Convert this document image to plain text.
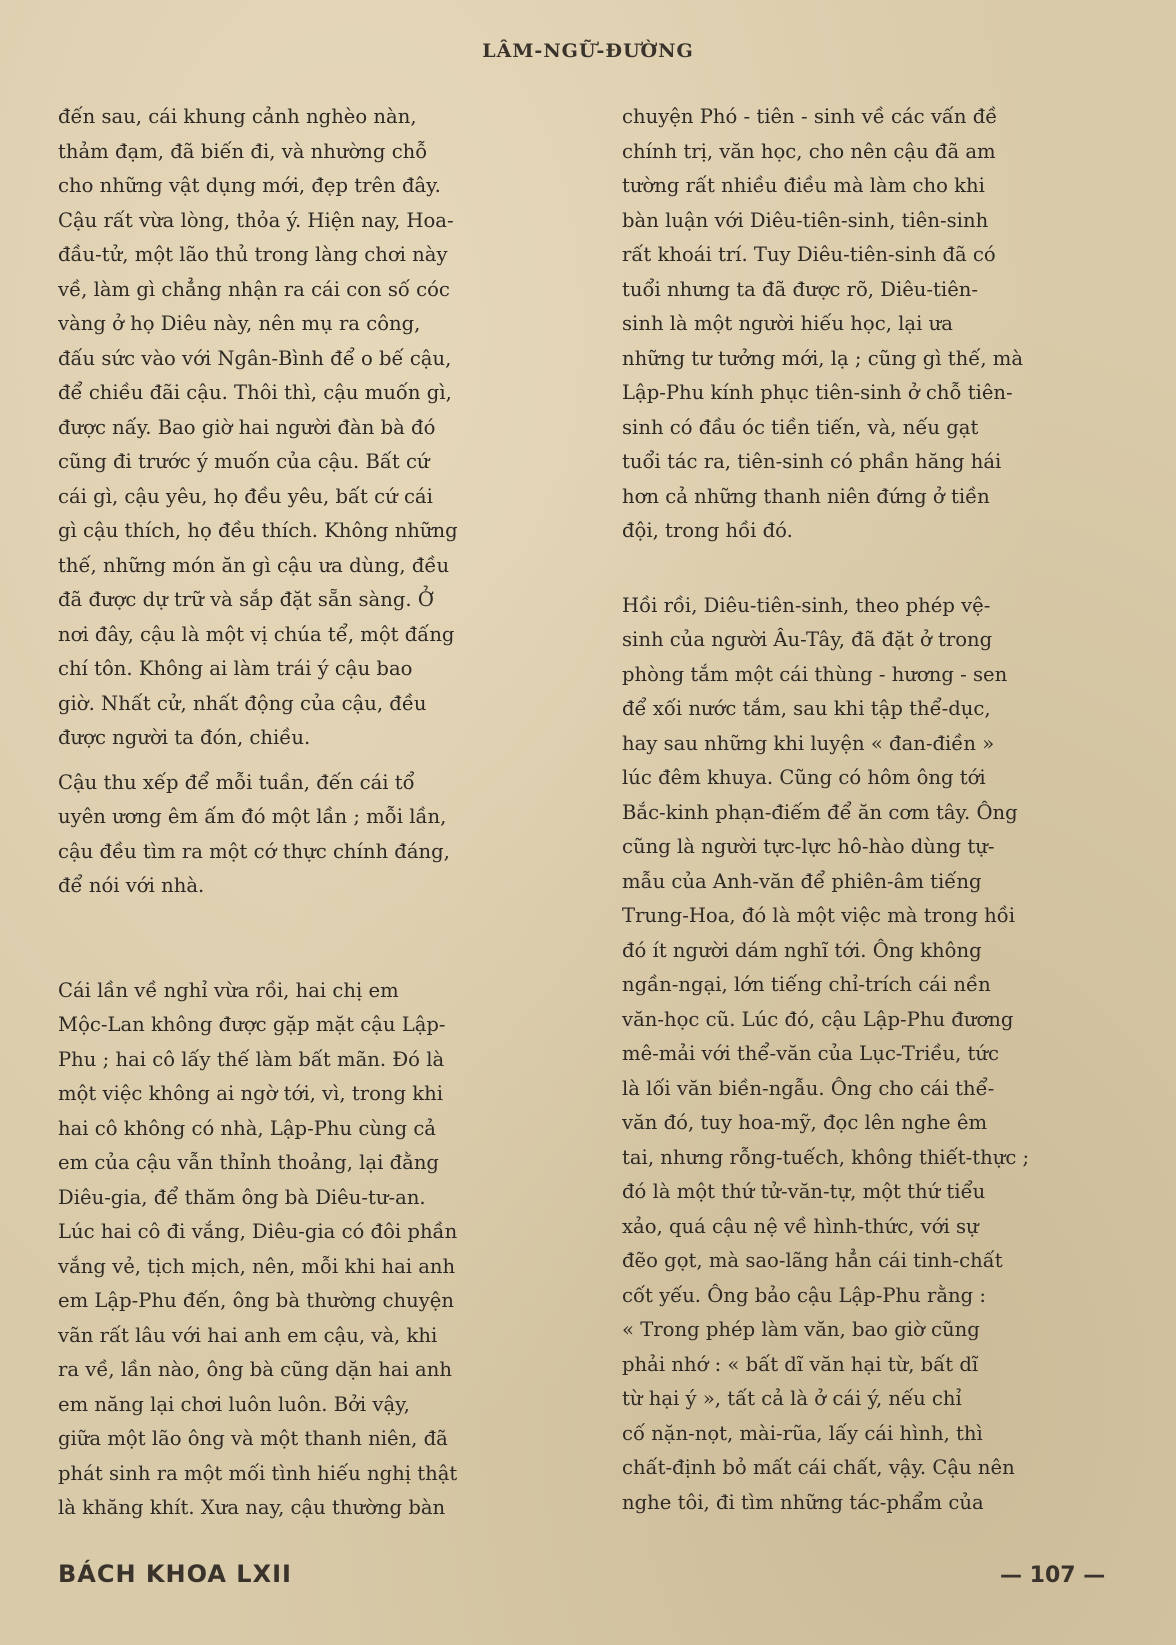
LÂM-NGỮ-ĐƯỜNG
đến sau, cái khung cảnh nghèo nàn,
thảm đạm, đã biến đi, và nhường chỗ
cho những vật dụng mới, đẹp trên đây.
Cậu rất vừa lòng, thỏa ý. Hiện nay, Hoa-
đầu-tử, một lão thủ trong làng chơi này
về, làm gì chẳng nhận ra cái con số cóc
vàng ở họ Diêu này, nên mụ ra công,
đấu sức vào với Ngân-Bình để o bế cậu,
để chiều đãi cậu. Thôi thì, cậu muốn gì,
được nấy. Bao giờ hai người đàn bà đó
cũng đi trước ý muốn của cậu. Bất cứ
cái gì, cậu yêu, họ đều yêu, bất cứ cái
gì cậu thích, họ đều thích. Không những
thế, những món ăn gì cậu ưa dùng, đều
đã được dự trữ và sắp đặt sẵn sàng. Ở
nơi đây, cậu là một vị chúa tể, một đấng
chí tôn. Không ai làm trái ý cậu bao
giờ. Nhất cử, nhất động của cậu, đều
được người ta đón, chiều.
Cậu thu xếp để mỗi tuần, đến cái tổ
uyên ương êm ấm đó một lần ; mỗi lần,
cậu đều tìm ra một cớ thực chính đáng,
để nói với nhà.
Cái lần về nghỉ vừa rồi, hai chị em
Mộc-Lan không được gặp mặt cậu Lập-
Phu ; hai cô lấy thế làm bất mãn. Đó là
một việc không ai ngờ tới, vì, trong khi
hai cô không có nhà, Lập-Phu cùng cả
em của cậu vẫn thỉnh thoảng, lại đằng
Diêu-gia, để thăm ông bà Diêu-tư-an.
Lúc hai cô đi vắng, Diêu-gia có đôi phần
vắng vẻ, tịch mịch, nên, mỗi khi hai anh
em Lập-Phu đến, ông bà thường chuyện
vãn rất lâu với hai anh em cậu, và, khi
ra về, lần nào, ông bà cũng dặn hai anh
em năng lại chơi luôn luôn. Bởi vậy,
giữa một lão ông và một thanh niên, đã
phát sinh ra một mối tình hiếu nghị thật
là khăng khít. Xưa nay, cậu thường bàn
chuyện Phó - tiên - sinh về các vấn đề
chính trị, văn học, cho nên cậu đã am
tường rất nhiều điều mà làm cho khi
bàn luận với Diêu-tiên-sinh, tiên-sinh
rất khoái trí. Tuy Diêu-tiên-sinh đã có
tuổi nhưng ta đã được rõ, Diêu-tiên-
sinh là một người hiếu học, lại ưa
những tư tưởng mới, lạ ; cũng gì thế, mà
Lập-Phu kính phục tiên-sinh ở chỗ tiên-
sinh có đầu óc tiền tiến, và, nếu gạt
tuổi tác ra, tiên-sinh có phần hăng hái
hơn cả những thanh niên đứng ở tiền
đội, trong hồi đó.
Hồi rồi, Diêu-tiên-sinh, theo phép vệ-
sinh của người Âu-Tây, đã đặt ở trong
phòng tắm một cái thùng - hương - sen
để xối nước tắm, sau khi tập thể-dục,
hay sau những khi luyện « đan-điền »
lúc đêm khuya. Cũng có hôm ông tới
Bắc-kinh phạn-điếm để ăn cơm tây. Ông
cũng là người tực-lực hô-hào dùng tự-
mẫu của Anh-văn để phiên-âm tiếng
Trung-Hoa, đó là một việc mà trong hồi
đó ít người dám nghĩ tới. Ông không
ngần-ngại, lớn tiếng chỉ-trích cái nền
văn-học cũ. Lúc đó, cậu Lập-Phu đương
mê-mải với thể-văn của Lục-Triều, tức
là lối văn biền-ngẫu. Ông cho cái thể-
văn đó, tuy hoa-mỹ, đọc lên nghe êm
tai, nhưng rỗng-tuếch, không thiết-thực ;
đó là một thứ tử-văn-tự, một thứ tiểu
xảo, quá cậu nệ về hình-thức, với sự
đẽo gọt, mà sao-lãng hẳn cái tinh-chất
cốt yếu. Ông bảo cậu Lập-Phu rằng :
« Trong phép làm văn, bao giờ cũng
phải nhớ : « bất dĩ văn hại từ, bất dĩ
từ hại ý », tất cả là ở cái ý, nếu chỉ
cố nặn-nọt, mài-rũa, lấy cái hình, thì
chất-định bỏ mất cái chất, vậy. Cậu nên
nghe tôi, đi tìm những tác-phẩm của
BÁCH KHOA LXII	— 107 —
